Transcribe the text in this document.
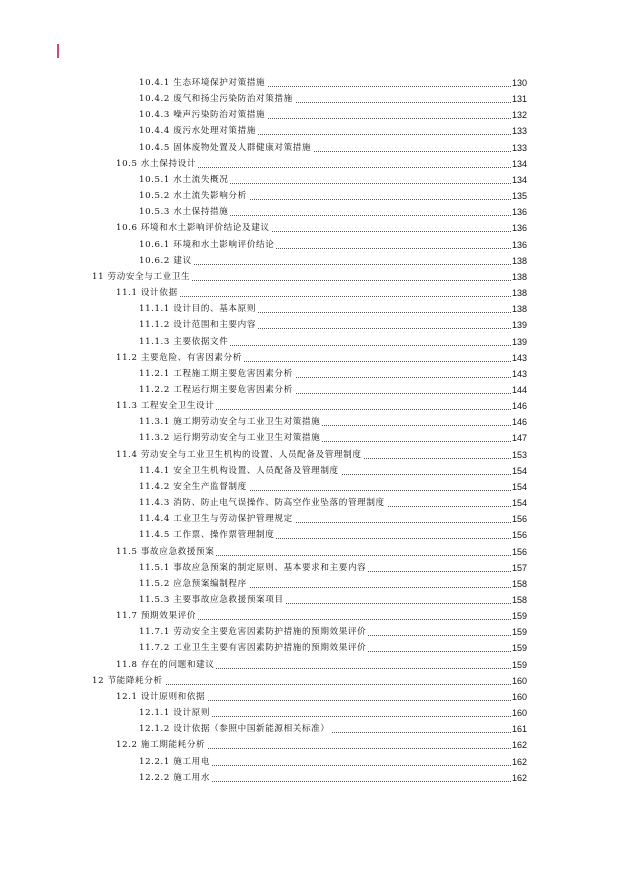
10.4.1 生态环境保护对策措施	130
10.4.2 废气和扬尘污染防治对策措施	131
10.4.3 噪声污染防治对策措施	132
10.4.4 废污水处理对策措施	133
10.4.5 固体废物处置及人群健康对策措施	133
10.5 水土保持设计	134
10.5.1 水土流失概况	134
10.5.2 水土流失影响分析	135
10.5.3 水土保持措施	136
10.6 环境和水土影响评价结论及建议	136
10.6.1 环境和水土影响评价结论	136
10.6.2 建议	138
11 劳动安全与工业卫生	138
11.1 设计依据	138
11.1.1 设计目的、基本原则	138
11.1.2 设计范围和主要内容	139
11.1.3 主要依据文件	139
11.2 主要危险、有害因素分析	143
11.2.1 工程施工期主要危害因素分析	143
11.2.2 工程运行期主要危害因素分析	144
11.3 工程安全卫生设计	146
11.3.1 施工期劳动安全与工业卫生对策措施	146
11.3.2 运行期劳动安全与工业卫生对策措施	147
11.4 劳动安全与工业卫生机构的设置、人员配备及管理制度	153
11.4.1 安全卫生机构设置、人员配备及管理制度	154
11.4.2 安全生产监督制度	154
11.4.3 消防、防止电气误操作、防高空作业坠落的管理制度	154
11.4.4 工业卫生与劳动保护管理规定	156
11.4.5 工作票、操作票管理制度	156
11.5 事故应急救援预案	156
11.5.1 事故应急预案的制定原则、基本要求和主要内容	157
11.5.2 应急预案编制程序	158
11.5.3 主要事故应急救援预案项目	158
11.7 预期效果评价	159
11.7.1 劳动安全主要危害因素防护措施的预期效果评价	159
11.7.2 工业卫生主要有害因素防护措施的预期效果评价	159
11.8 存在的问题和建议	159
12 节能降耗分析	160
12.1 设计原则和依据	160
12.1.1 设计原则	160
12.1.2 设计依据（参照中国新能源相关标准）	161
12.2 施工期能耗分析	162
12.2.1 施工用电	162
12.2.2 施工用水	162
